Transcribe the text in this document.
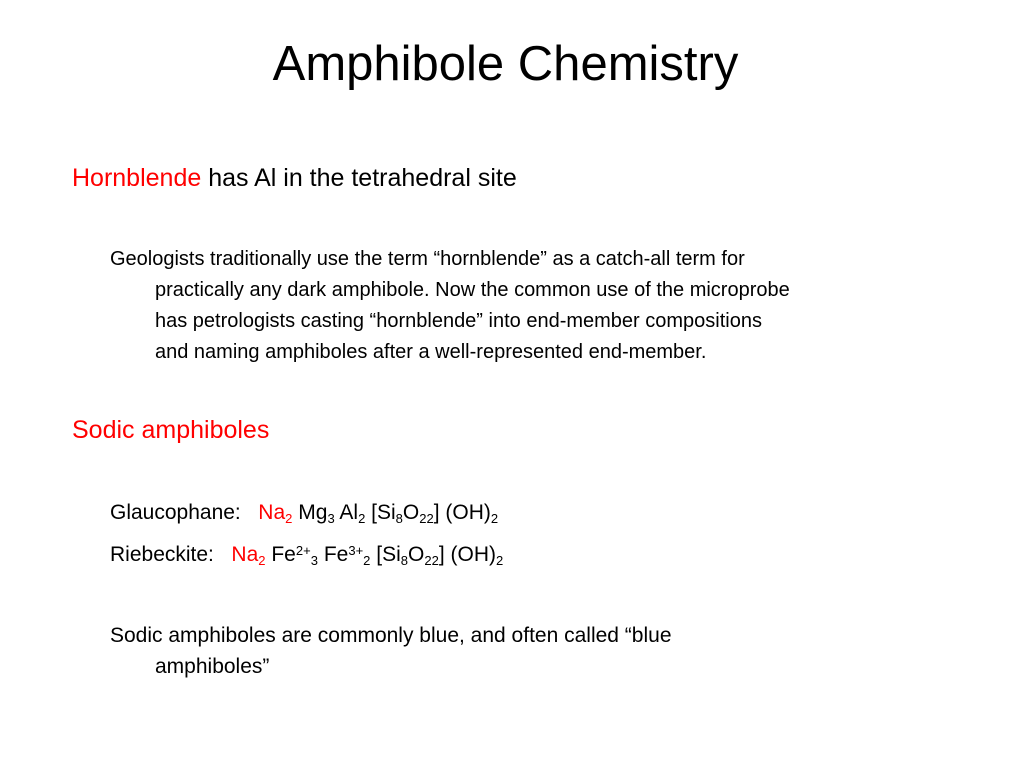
Amphibole Chemistry
Hornblende has Al in the tetrahedral site
Geologists traditionally use the term “hornblende” as a catch-all term for
practically any dark amphibole. Now the common use of the microprobe
has petrologists casting “hornblende” into end-member compositions
and naming amphiboles after a well-represented end-member.
Sodic amphiboles
Glaucophane: $Na_2$ $Mg_3$ $Al_2$ $[Si_8O_{22}]$ $(OH)_2$
Riebeckite: $Na_2$ $Fe^{2+}_3$ $Fe^{3+}_2$ $[Si_8O_{22}]$ $(OH)_2$
Sodic amphiboles are commonly blue, and often called “blue
amphiboles”
